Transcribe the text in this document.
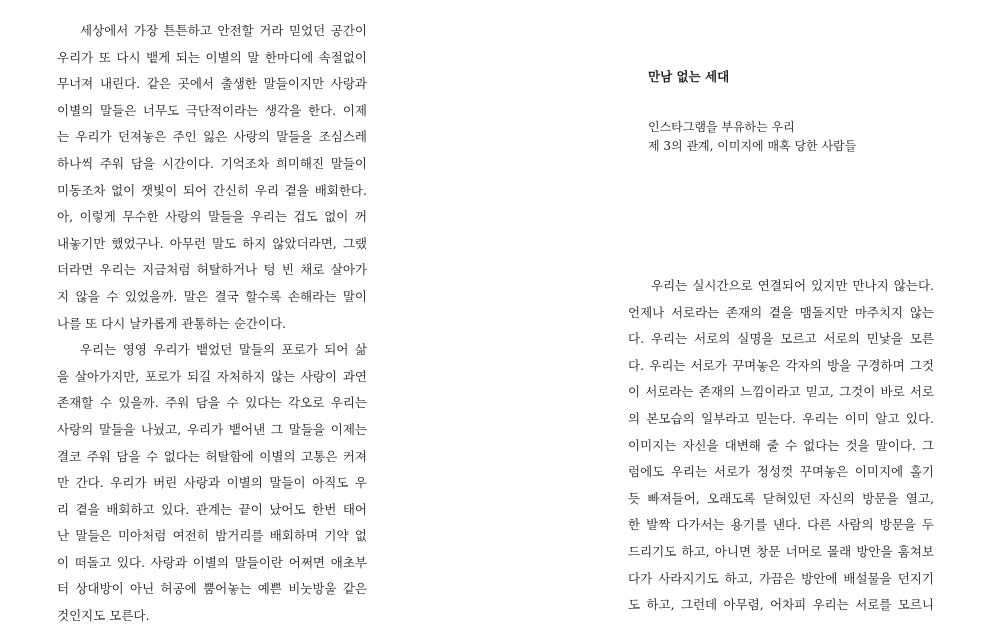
세상에서 가장 튼튼하고 안전할 거라 믿었던 공간이
우리가 또 다시 뱉게 되는 이별의 말 한마디에 속절없이
무너져 내린다. 같은 곳에서 출생한 말들이지만 사랑과
이별의 말들은 너무도 극단적이라는 생각을 한다. 이제
는 우리가 던져놓은 주인 잃은 사랑의 말들을 조심스레
하나씩 주워 담을 시간이다. 기억조차 희미해진 말들이
미동조차 없이 잿빛이 되어 간신히 우리 곁을 배회한다.
아, 이렇게 무수한 사랑의 말들을 우리는 겁도 없이 꺼
내놓기만 했었구나. 아무런 말도 하지 않았더라면, 그랬
더라면 우리는 지금처럼 허탈하거나 텅 빈 채로 살아가
지 않을 수 있었을까. 말은 결국 할수록 손해라는 말이
나를 또 다시 날카롭게 관통하는 순간이다.
우리는 영영 우리가 뱉었던 말들의 포로가 되어 삶
을 살아가지만, 포로가 되길 자처하지 않는 사랑이 과연
존재할 수 있을까. 주워 담을 수 있다는 각오로 우리는
사랑의 말들을 나눴고, 우리가 뱉어낸 그 말들을 이제는
결코 주워 담을 수 없다는 허탈함에 이별의 고통은 커져
만 간다. 우리가 버린 사랑과 이별의 말들이 아직도 우
리 곁을 배회하고 있다. 관계는 끝이 났어도 한번 태어
난 말들은 미아처럼 여전히 밤거리를 배회하며 기약 없
이 떠돌고 있다. 사랑과 이별의 말들이란 어쩌면 애초부
터 상대방이 아닌 허공에 뿜어놓는 예쁜 비눗방울 같은
것인지도 모른다.
만남 없는 세대
인스타그램을 부유하는 우리
제 3의 관계, 이미지에 매혹 당한 사람들
우리는 실시간으로 연결되어 있지만 만나지 않는다.
언제나 서로라는 존재의 곁을 맴돌지만 마주치지 않는
다. 우리는 서로의 실명을 모르고 서로의 민낯을 모른
다. 우리는 서로가 꾸며놓은 각자의 방을 구경하며 그것
이 서로라는 존재의 느낌이라고 믿고, 그것이 바로 서로
의 본모습의 일부라고 믿는다. 우리는 이미 알고 있다.
이미지는 자신을 대변해 줄 수 없다는 것을 말이다. 그
럼에도 우리는 서로가 정성껏 꾸며놓은 이미지에 홀기
듯 빠져들어, 오래도록 닫혀있던 자신의 방문을 열고,
한 발짝 다가서는 용기를 낸다. 다른 사람의 방문을 두
드리기도 하고, 아니면 창문 너머로 몰래 방안을 훔쳐보
다가 사라지기도 하고, 가끔은 방안에 배설물을 던지기
도 하고, 그런데 아무렴, 어차피 우리는 서로를 모르니
